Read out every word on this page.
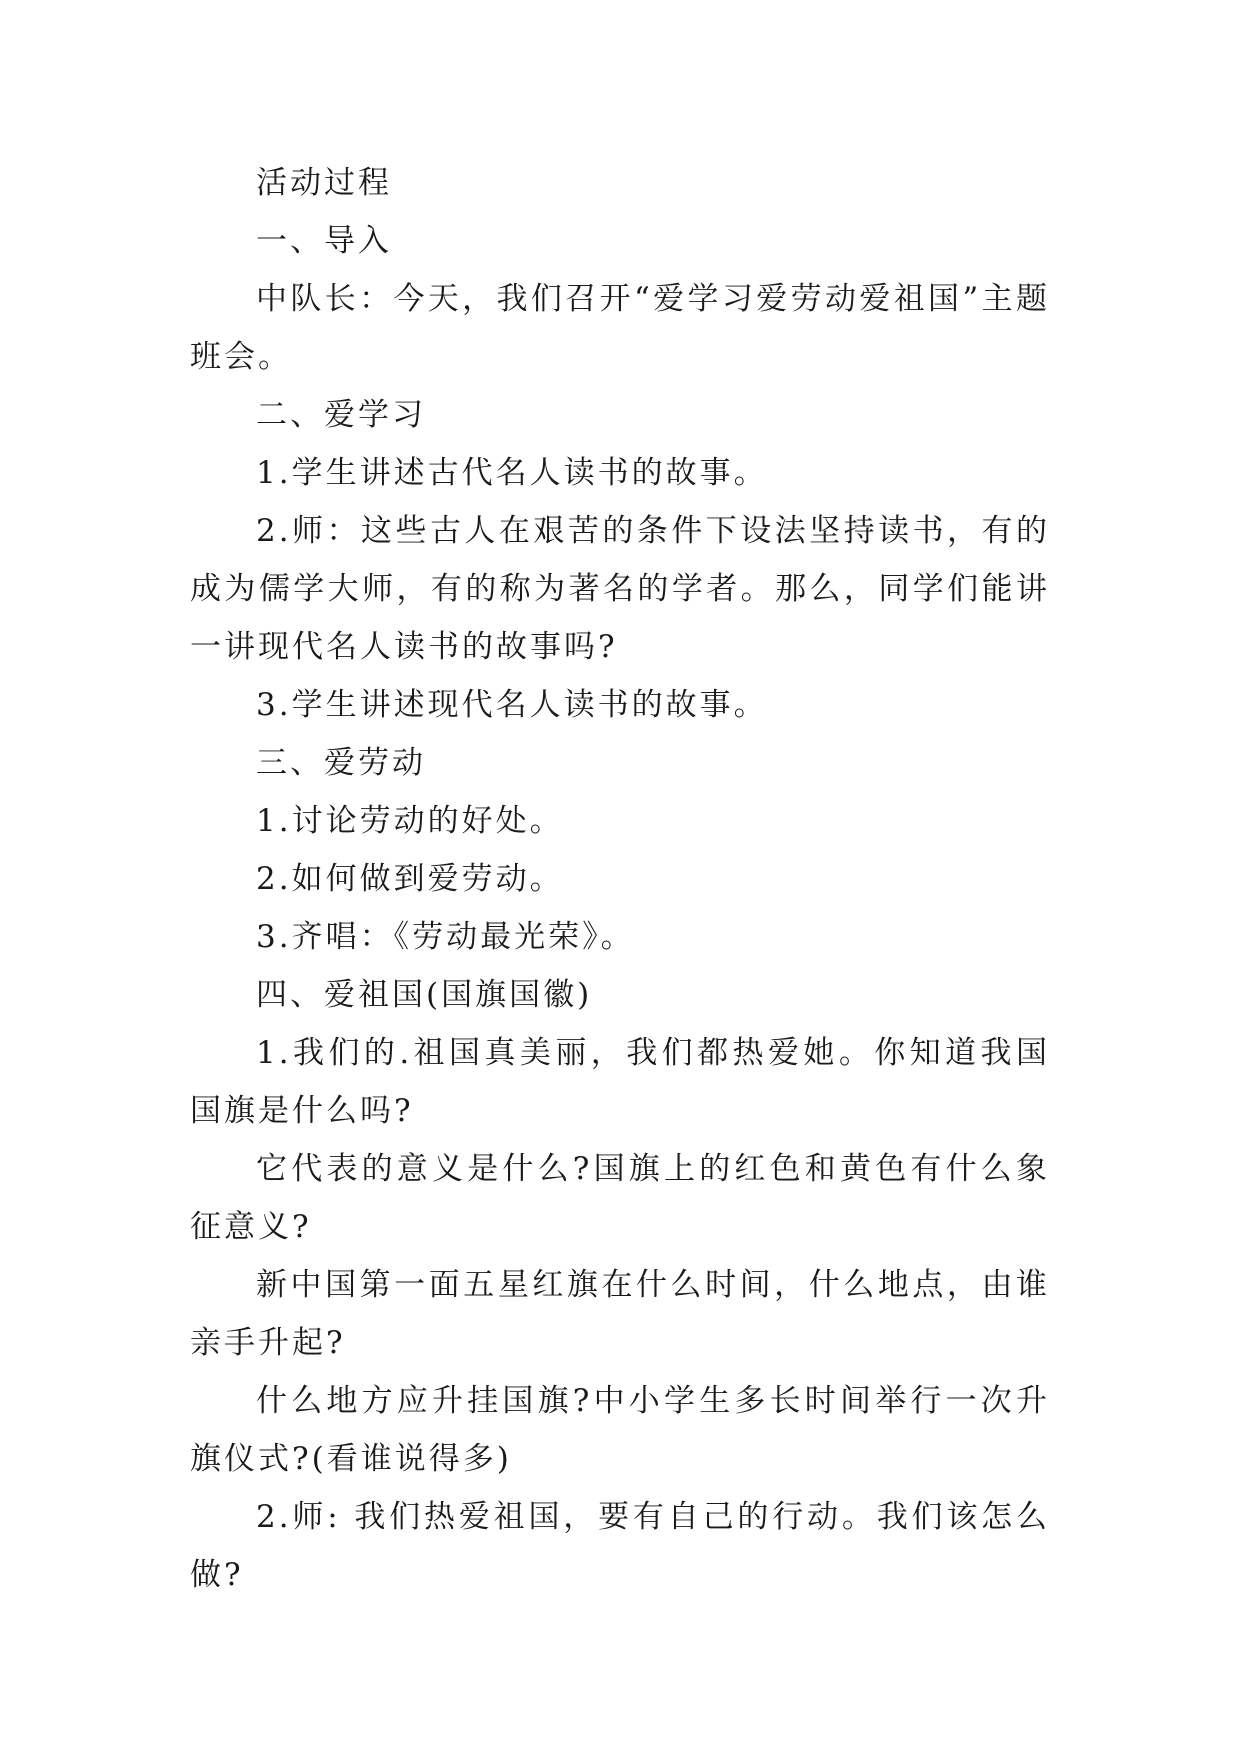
活动过程

一、导入

中队长：今天，我们召开“爱学习爱劳动爱祖国”主题班会。

二、爱学习

1.学生讲述古代名人读书的故事。

2.师：这些古人在艰苦的条件下设法坚持读书，有的成为儒学大师，有的称为著名的学者。那么，同学们能讲一讲现代名人读书的故事吗?

3.学生讲述现代名人读书的故事。

三、爱劳动

1.讨论劳动的好处。

2.如何做到爱劳动。

3.齐唱：《劳动最光荣》。

四、爱祖国(国旗国徽)

1.我们的.祖国真美丽，我们都热爱她。你知道我国国旗是什么吗?

它代表的意义是什么?国旗上的红色和黄色有什么象征意义?

新中国第一面五星红旗在什么时间，什么地点，由谁亲手升起?

什么地方应升挂国旗?中小学生多长时间举行一次升旗仪式?(看谁说得多)

2.师: 我们热爱祖国，要有自己的行动。我们该怎么做?
